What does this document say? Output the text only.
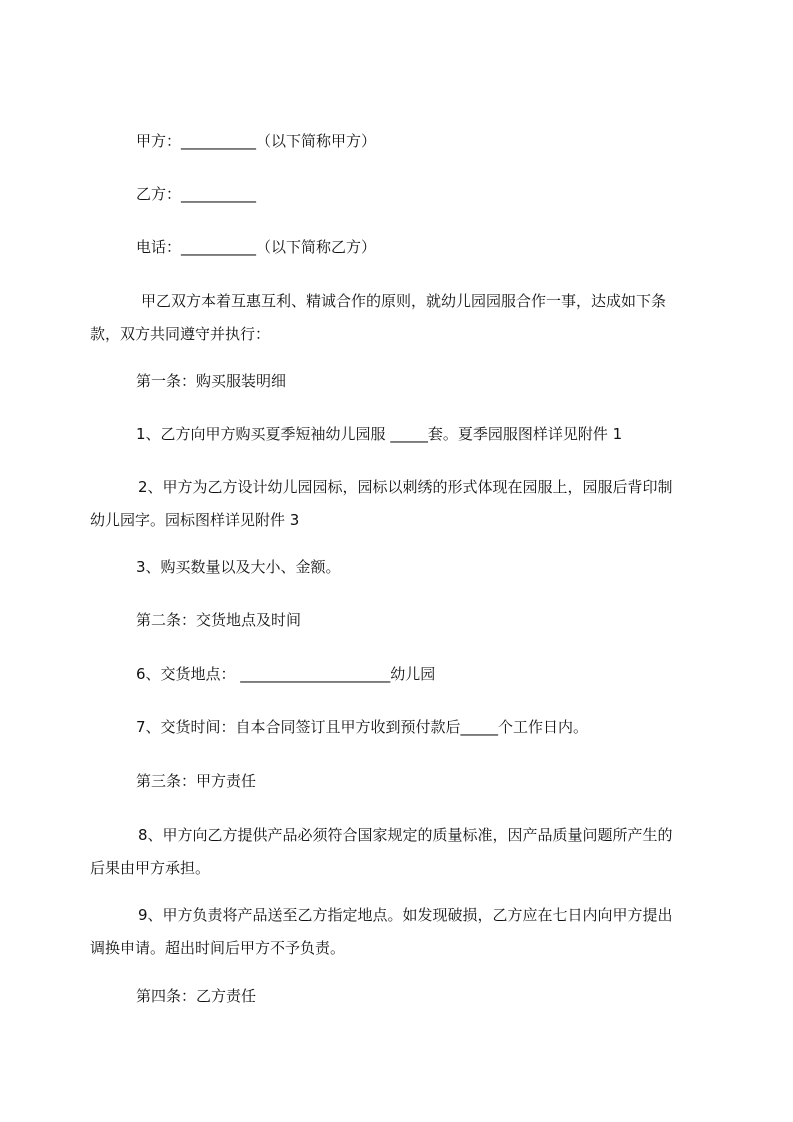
甲方：__________（以下简称甲方）
乙方：__________
电话：__________（以下简称乙方）
甲乙双方本着互惠互利、精诚合作的原则，就幼儿园园服合作一事，达成如下条
款，双方共同遵守并执行：
第一条：购买服装明细
1、乙方向甲方购买夏季短袖幼儿园服 _____套。夏季园服图样详见附件 1
2、甲方为乙方设计幼儿园园标，园标以刺绣的形式体现在园服上，园服后背印制
幼儿园字。园标图样详见附件 3
3、购买数量以及大小、金额。
第二条：交货地点及时间
6、交货地点： ____________________幼儿园
7、交货时间：自本合同签订且甲方收到预付款后_____个工作日内。
第三条：甲方责任
8、甲方向乙方提供产品必须符合国家规定的质量标准，因产品质量问题所产生的
后果由甲方承担。
9、甲方负责将产品送至乙方指定地点。如发现破损，乙方应在七日内向甲方提出
调换申请。超出时间后甲方不予负责。
第四条：乙方责任
